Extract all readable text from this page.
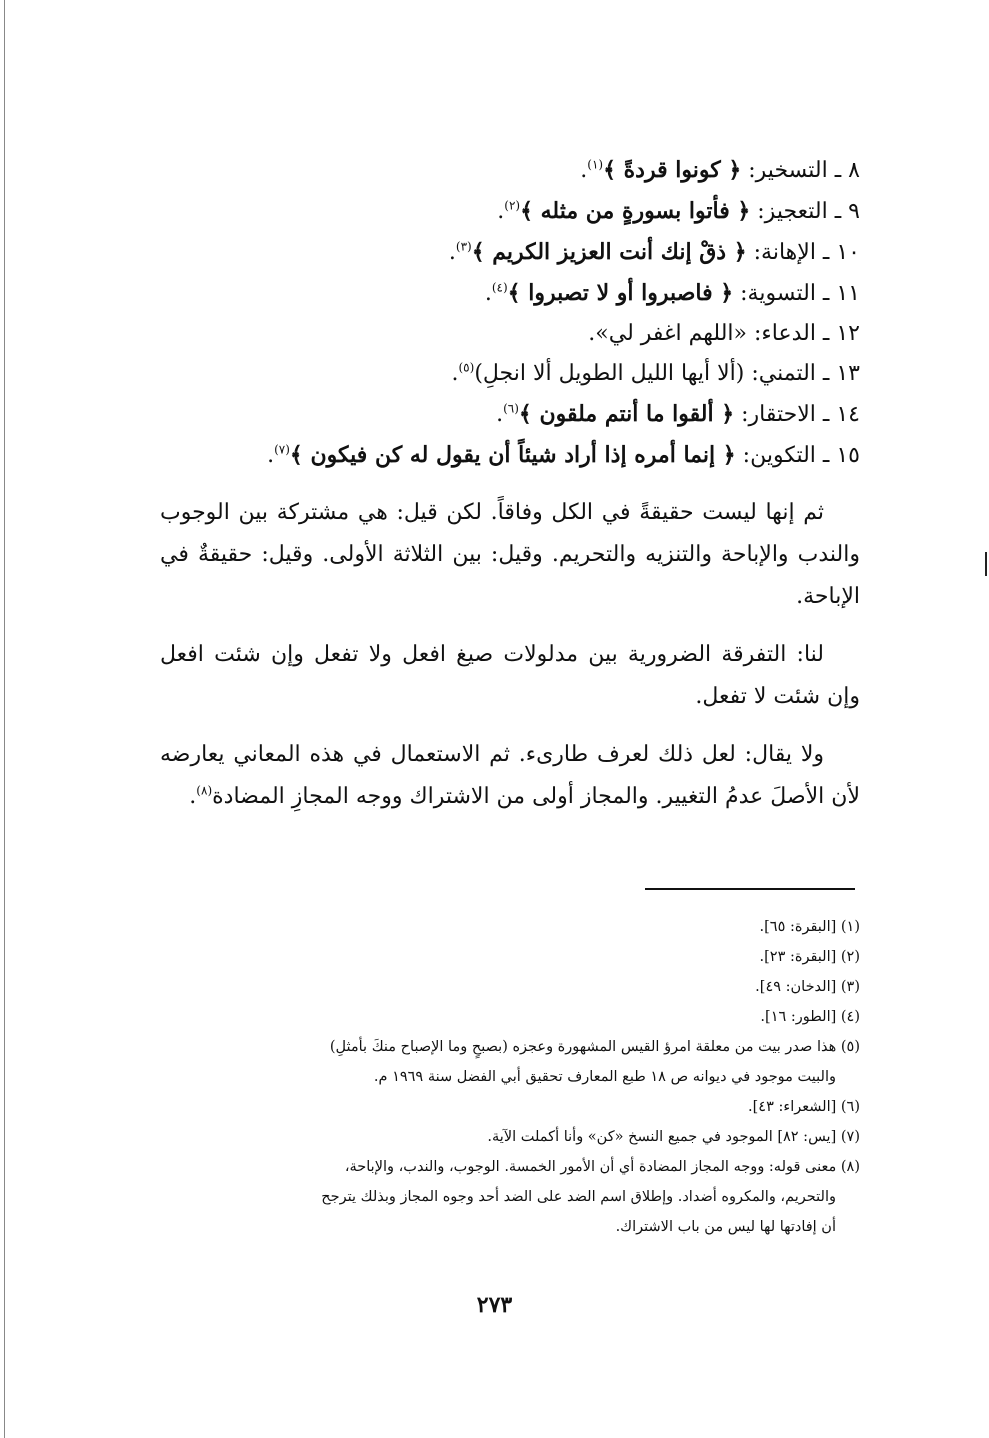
٨ ـ التسخير: ﴿ كونوا قردةً ﴾$^{(١)}$.
٩ ـ التعجيز: ﴿ فأتوا بسورةٍ من مثله ﴾$^{(٢)}$.
١٠ ـ الإهانة: ﴿ ذقْ إنك أنت العزيز الكريم ﴾$^{(٣)}$.
١١ ـ التسوية: ﴿ فاصبروا أو لا تصبروا ﴾$^{(٤)}$.
١٢ ـ الدعاء: «اللهم اغفر لي».
١٣ ـ التمني: (ألا أيها الليل الطويل ألا انجلِ)$^{(٥)}$.
١٤ ـ الاحتقار: ﴿ ألقوا ما أنتم ملقون ﴾$^{(٦)}$.
١٥ ـ التكوين: ﴿ إنما أمره إذا أراد شيئاً أن يقول له كن فيكون ﴾$^{(٧)}$.

ثم إنها ليست حقيقةً في الكل وفاقاً. لكن قيل: هي مشتركة بين الوجوب والندب والإباحة والتنزيه والتحريم. وقيل: بين الثلاثة الأولى. وقيل: حقيقةٌ في الإباحة.

لنا: التفرقة الضرورية بين مدلولات صيغ افعل ولا تفعل وإن شئت افعل وإن شئت لا تفعل.

ولا يقال: لعل ذلك لعرف طارىء. ثم الاستعمال في هذه المعاني يعارضه لأن الأصلَ عدمُ التغيير. والمجاز أولى من الاشتراك ووجه المجازِ المضادة$^{(٨)}$.

(١) [البقرة: ٦٥].
(٢) [البقرة: ٢٣].
(٣) [الدخان: ٤٩].
(٤) [الطور: ١٦].
(٥) هذا صدر بيت من معلقة امرؤ القيس المشهورة وعجزه (بصبحٍ وما الإصباح منكَ بأمثلِ)
والبيت موجود في ديوانه ص ١٨ طبع المعارف تحقيق أبي الفضل سنة ١٩٦٩ م.
(٦) [الشعراء: ٤٣].
(٧) [يس: ٨٢] الموجود في جميع النسخ «كن» وأنا أكملت الآية.
(٨) معنى قوله: ووجه المجاز المضادة أي أن الأمور الخمسة. الوجوب، والندب، والإباحة،
والتحريم، والمكروه أضداد. وإطلاق اسم الضد على الضد أحد وجوه المجاز وبذلك يترجح
أن إفادتها لها ليس من باب الاشتراك.
٢٧٣
